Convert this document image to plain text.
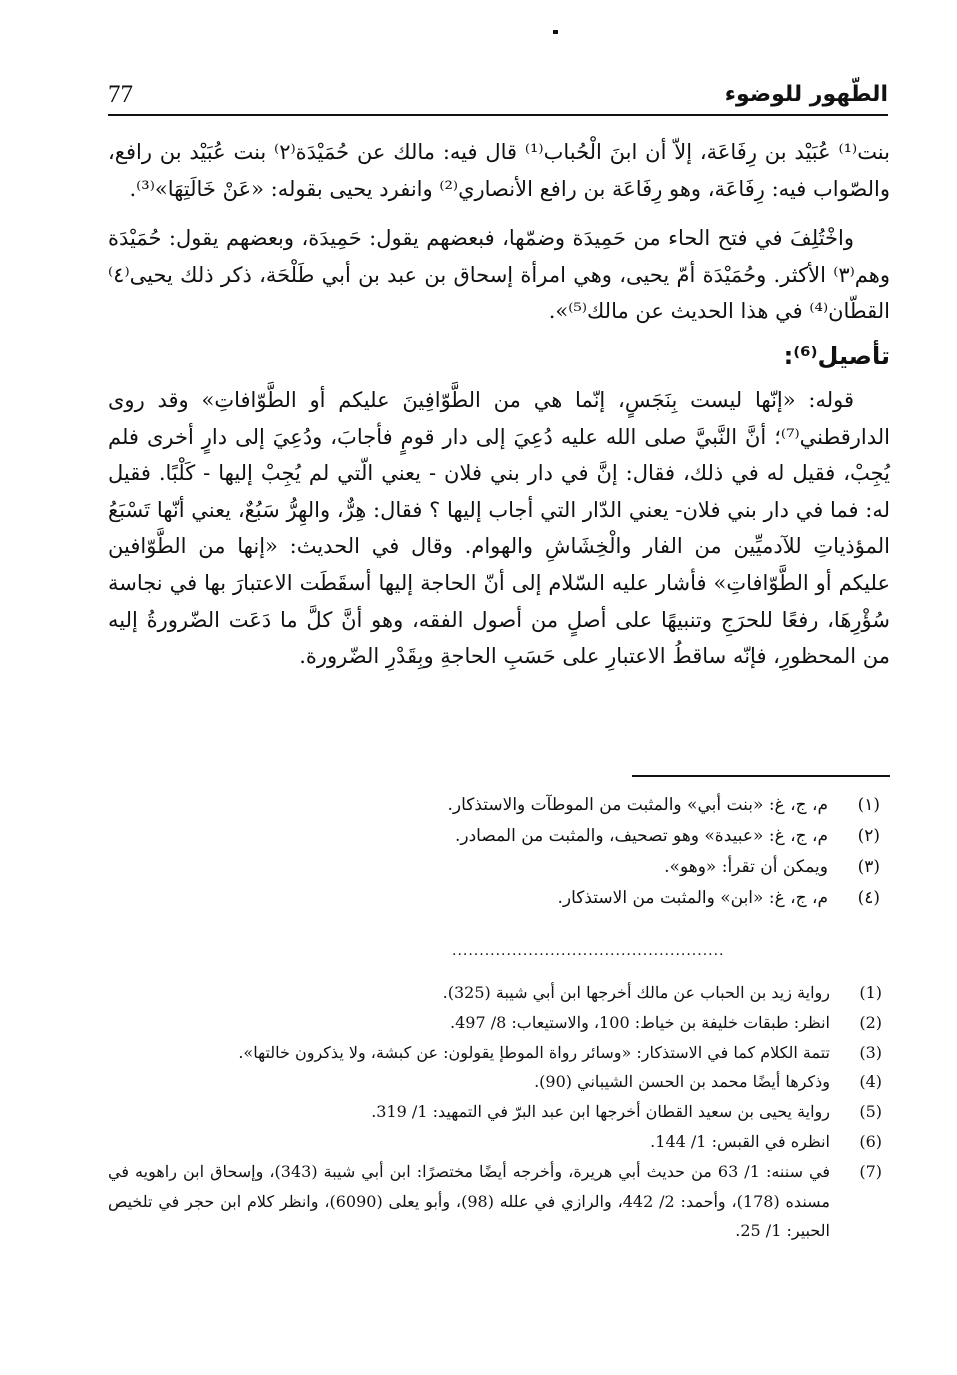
الطّهور للوضوء
77

بنت⁽¹⁾ عُبَيْد بن رِفَاعَة، إلاّ أن ابنَ الْحُباب⁽¹⁾ قال فيه: مالك عن حُمَيْدَة⁽٢⁾ بنت عُبَيْد بن رافع، والصّواب فيه: رِفَاعَة، وهو رِفَاعَة بن رافع الأنصاري⁽²⁾ وانفرد يحيى بقوله: «عَنْ خَالَتِهَا»⁽³⁾.

واخْتُلِفَ في فتح الحاء من حَمِيدَة وضمّها، فبعضهم يقول: حَمِيدَة، وبعضهم يقول: حُمَيْدَة وهم⁽٣⁾ الأكثر. وحُمَيْدَة أمّ يحيى، وهي امرأة إسحاق بن عبد بن أبي طَلْحَة، ذكر ذلك يحيى⁽٤⁾ القطّان⁽⁴⁾ في هذا الحديث عن مالك⁽⁵⁾».

تأصيل⁽⁶⁾:

قوله: «إنّها ليست بِنَجَسٍ، إنّما هي من الطَّوّافِينَ عليكم أو الطَّوّافاتِ» وقد روى الدارقطني⁽⁷⁾؛ أنَّ النَّبيَّ صلى الله عليه دُعِيَ إلى دار قومٍ فأجابَ، ودُعِيَ إلى دارٍ أخرى فلم يُجِبْ، فقيل له في ذلك، فقال: إنَّ في دار بني فلان - يعني الّتي لم يُجِبْ إليها - كَلْبًا. فقيل له: فما في دار بني فلان- يعني الدّار التي أجاب إليها ؟ فقال: هِرٌّ، والهِرُّ سَبُعٌ، يعني أنّها تَسْبَعُ المؤذياتِ للآدميِّين من الفار والْخِشَاشِ والهوام. وقال في الحديث: «إنها من الطَّوّافين عليكم أو الطَّوّافاتِ» فأشار عليه السّلام إلى أنّ الحاجة إليها أسقَطَت الاعتبارَ بها في نجاسة سُؤْرِهَا، رفعًا للحرَجِ وتنبيهًا على أصلٍ من أصول الفقه، وهو أنَّ كلَّ ما دَعَت الضّرورةُ إليه من المحظورِ، فإنّه ساقطُ الاعتبارِ على حَسَبِ الحاجةِ وبِقَدْرِ الضّرورة.

(١)
م، ج، غ: «بنت أبي» والمثبت من الموطآت والاستذكار.
(٢)
م، ج، غ: «عبيدة» وهو تصحيف، والمثبت من المصادر.
(٣)
ويمكن أن تقرأ: «وهو».
(٤)
م، ج، غ: «ابن» والمثبت من الاستذكار.
..................................................
(1)
رواية زيد بن الحباب عن مالك أخرجها ابن أبي شيبة (325).
(2)
انظر: طبقات خليفة بن خياط: 100، والاستيعاب: 8/ 497.
(3)
تتمة الكلام كما في الاستذكار: «وسائر رواة الموطإ يقولون: عن كبشة، ولا يذكرون خالتها».
(4)
وذكرها أيضًا محمد بن الحسن الشيباني (90).
(5)
رواية يحيى بن سعيد القطان أخرجها ابن عبد البرّ في التمهيد: 1/ 319.
(6)
انظره في القبس: 1/ 144.
(7)
في سننه: 1/ 63 من حديث أبي هريرة، وأخرجه أيضًا مختصرًا: ابن أبي شيبة (343)، وإسحاق ابن راهويه في مسنده (178)، وأحمد: 2/ 442، والرازي في علله (98)، وأبو يعلى (6090)، وانظر كلام ابن حجر في تلخيص الحبير: 1/ 25.
